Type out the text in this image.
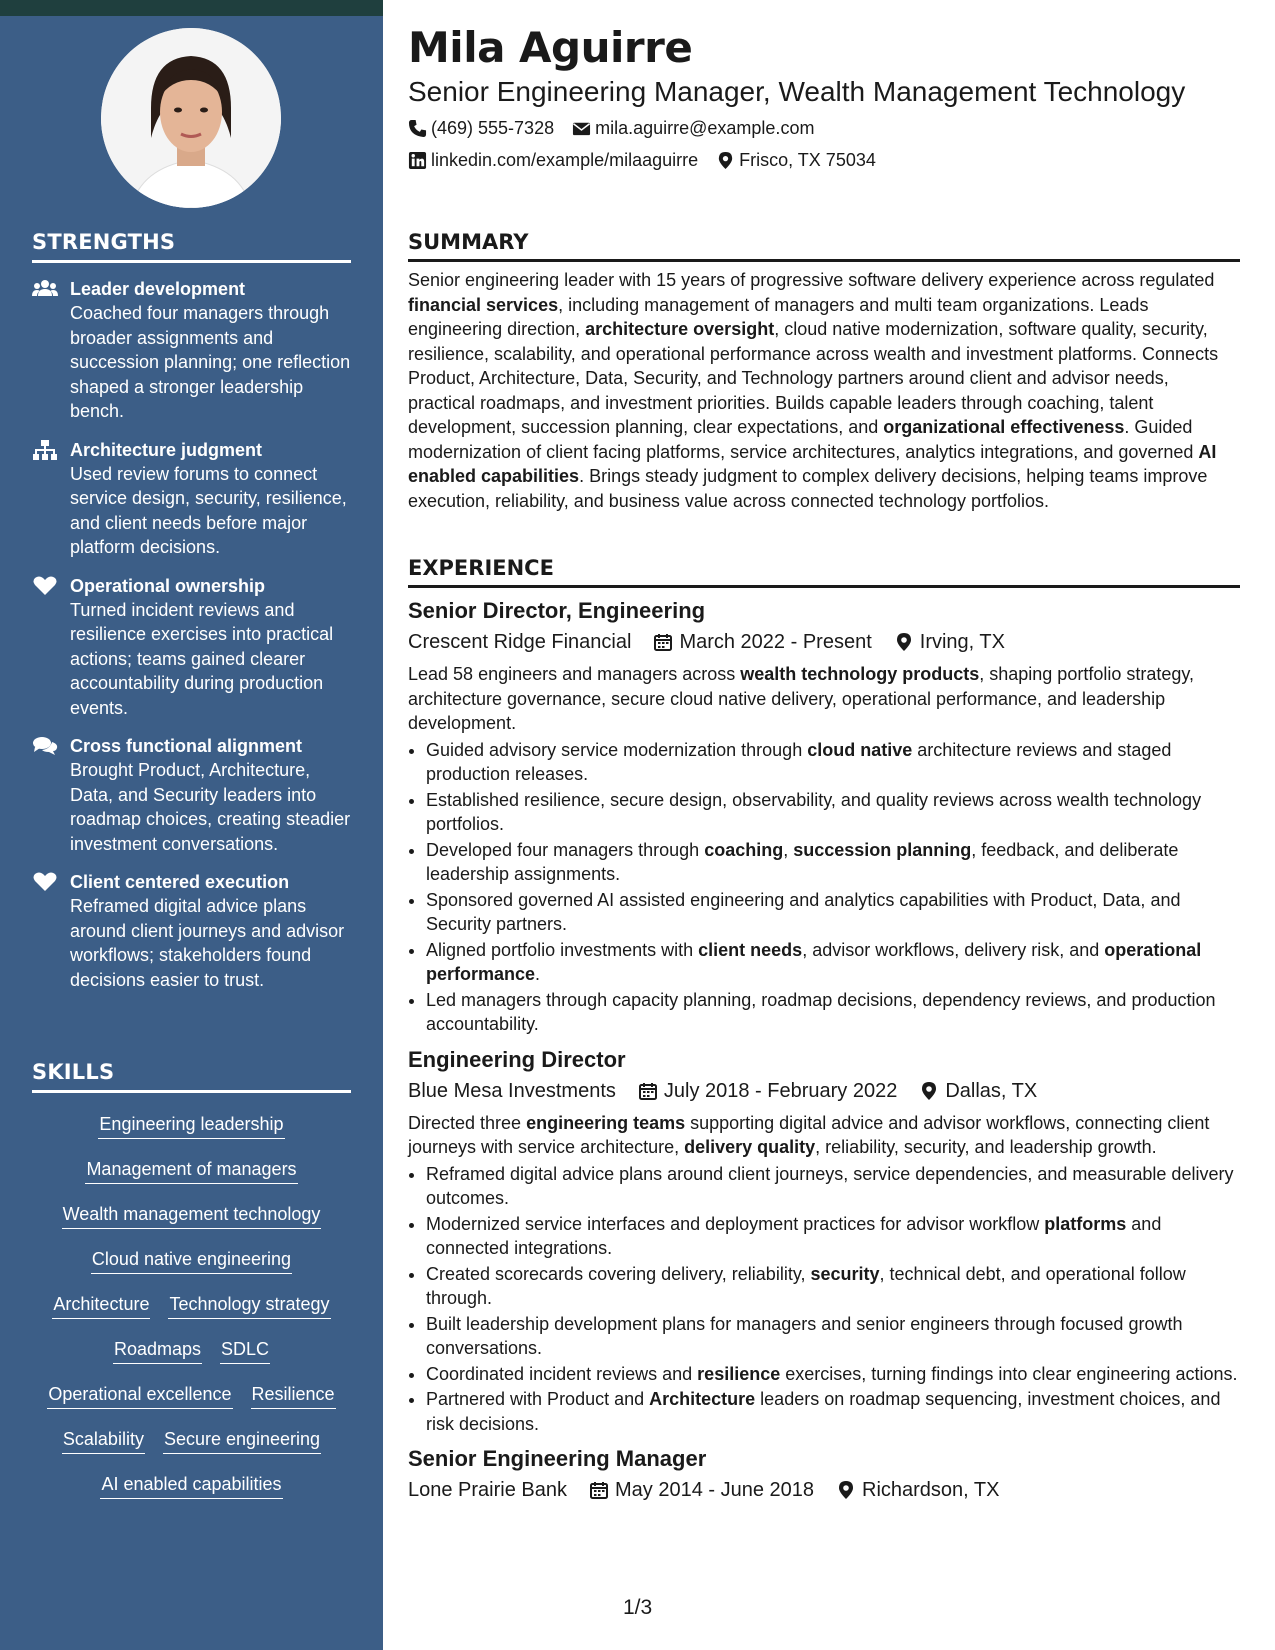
STRENGTHS
Leader development
Coached four managers through broader assignments and succession planning; one reflection shaped a stronger leadership bench.
Architecture judgment
Used review forums to connect service design, security, resilience, and client needs before major platform decisions.
Operational ownership
Turned incident reviews and resilience exercises into practical actions; teams gained clearer accountability during production events.
Cross functional alignment
Brought Product, Architecture, Data, and Security leaders into roadmap choices, creating steadier investment conversations.
Client centered execution
Reframed digital advice plans around client journeys and advisor workflows; stakeholders found decisions easier to trust.
SKILLS
Engineering leadership
Management of managers
Wealth management technology
Cloud native engineering
Architecture Technology strategy
Roadmaps SDLC
Operational excellence Resilience
Scalability Secure engineering
AI enabled capabilities
Mila Aguirre
Senior Engineering Manager, Wealth Management Technology
(469) 555-7328 mila.aguirre@example.com
linkedin.com/example/milaaguirre Frisco, TX 75034
SUMMARY
Senior engineering leader with 15 years of progressive software delivery experience across regulated financial services, including management of managers and multi team organizations. Leads engineering direction, architecture oversight, cloud native modernization, software quality, security, resilience, scalability, and operational performance across wealth and investment platforms. Connects Product, Architecture, Data, Security, and Technology partners around client and advisor needs, practical roadmaps, and investment priorities. Builds capable leaders through coaching, talent development, succession planning, clear expectations, and organizational effectiveness. Guided modernization of client facing platforms, service architectures, analytics integrations, and governed AI enabled capabilities. Brings steady judgment to complex delivery decisions, helping teams improve execution, reliability, and business value across connected technology portfolios.
EXPERIENCE
Senior Director, Engineering
Crescent Ridge Financial March 2022 - Present Irving, TX
Lead 58 engineers and managers across wealth technology products, shaping portfolio strategy, architecture governance, secure cloud native delivery, operational performance, and leadership development.
• Guided advisory service modernization through cloud native architecture reviews and staged production releases.
• Established resilience, secure design, observability, and quality reviews across wealth technology portfolios.
• Developed four managers through coaching, succession planning, feedback, and deliberate leadership assignments.
• Sponsored governed AI assisted engineering and analytics capabilities with Product, Data, and Security partners.
• Aligned portfolio investments with client needs, advisor workflows, delivery risk, and operational performance.
• Led managers through capacity planning, roadmap decisions, dependency reviews, and production accountability.
Engineering Director
Blue Mesa Investments July 2018 - February 2022 Dallas, TX
Directed three engineering teams supporting digital advice and advisor workflows, connecting client journeys with service architecture, delivery quality, reliability, security, and leadership growth.
• Reframed digital advice plans around client journeys, service dependencies, and measurable delivery outcomes.
• Modernized service interfaces and deployment practices for advisor workflow platforms and connected integrations.
• Created scorecards covering delivery, reliability, security, technical debt, and operational follow through.
• Built leadership development plans for managers and senior engineers through focused growth conversations.
• Coordinated incident reviews and resilience exercises, turning findings into clear engineering actions.
• Partnered with Product and Architecture leaders on roadmap sequencing, investment choices, and risk decisions.
Senior Engineering Manager
Lone Prairie Bank May 2014 - June 2018 Richardson, TX
1/3
